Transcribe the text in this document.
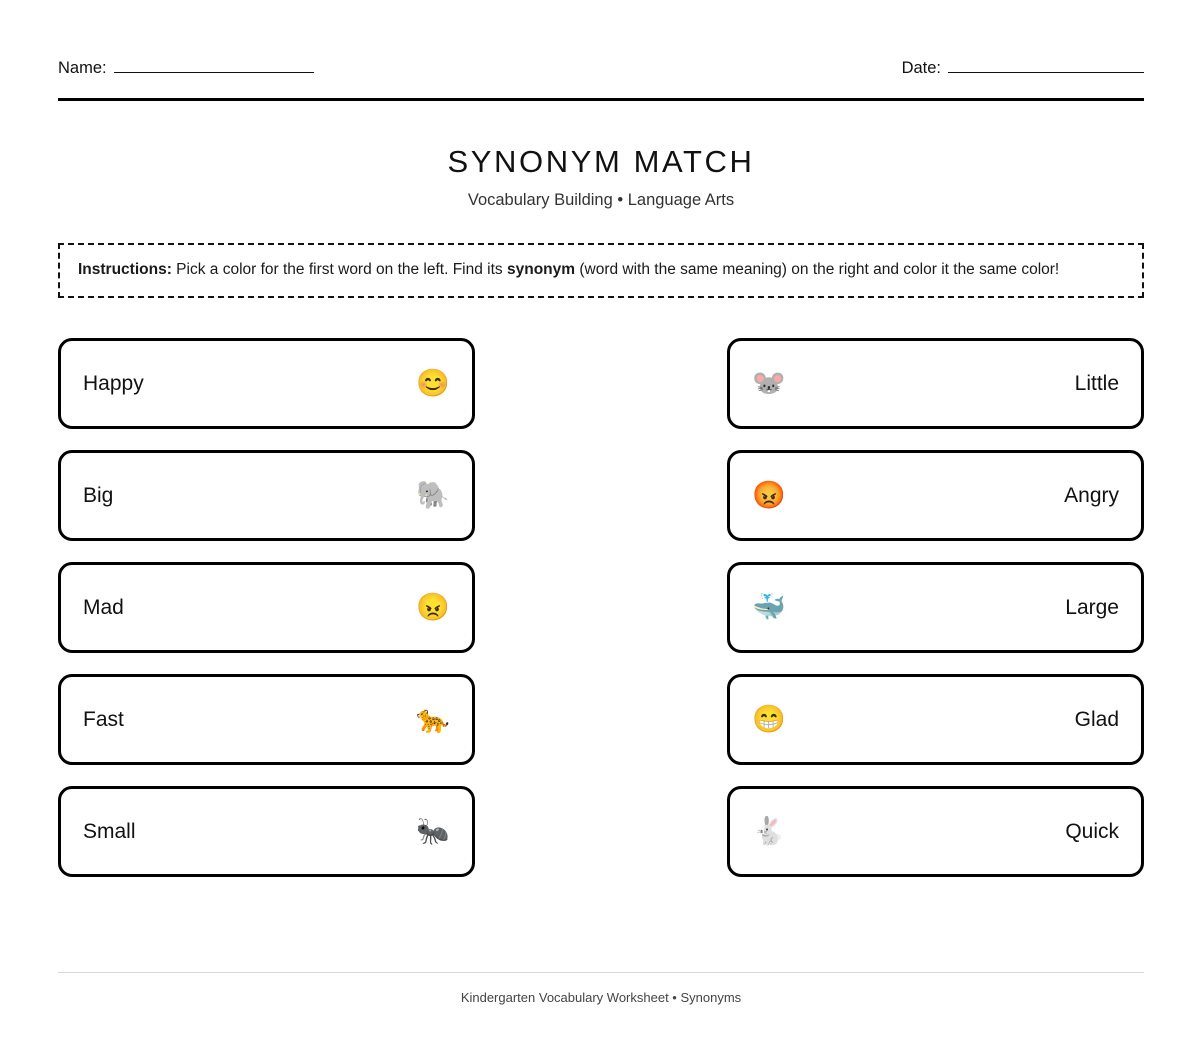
Name:	Date:
SYNONYM MATCH

Vocabulary Building • Language Arts

Instructions: Pick a color for the first word on the left. Find its synonym (word with the same meaning) on the right and color it the same color!

Happy	😊
Big	🐘
Mad	😠
Fast	🐆
Small	🐜
🐭	Little
😡	Angry
🐳	Large
😁	Glad
🐇	Quick
Kindergarten Vocabulary Worksheet • Synonyms
